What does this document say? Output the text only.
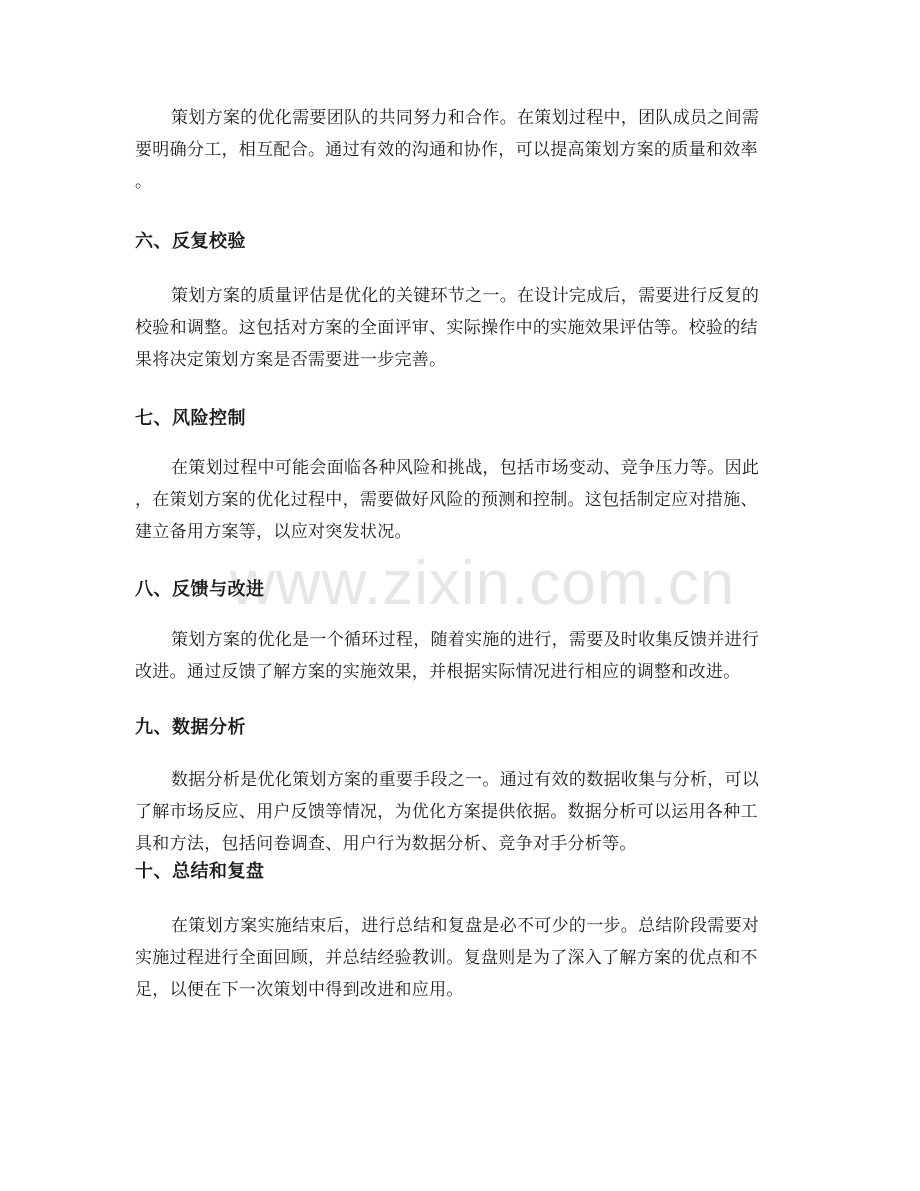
www.zixin.com.cn

策划方案的优化需要团队的共同努力和合作。在策划过程中，团队成员之间需
要明确分工，相互配合。通过有效的沟通和协作，可以提高策划方案的质量和效率
。

六、反复校验

策划方案的质量评估是优化的关键环节之一。在设计完成后，需要进行反复的
校验和调整。这包括对方案的全面评审、实际操作中的实施效果评估等。校验的结
果将决定策划方案是否需要进一步完善。

七、风险控制

在策划过程中可能会面临各种风险和挑战，包括市场变动、竞争压力等。因此
，在策划方案的优化过程中，需要做好风险的预测和控制。这包括制定应对措施、
建立备用方案等，以应对突发状况。

八、反馈与改进

策划方案的优化是一个循环过程，随着实施的进行，需要及时收集反馈并进行
改进。通过反馈了解方案的实施效果，并根据实际情况进行相应的调整和改进。

九、数据分析

数据分析是优化策划方案的重要手段之一。通过有效的数据收集与分析，可以
了解市场反应、用户反馈等情况，为优化方案提供依据。数据分析可以运用各种工
具和方法，包括问卷调查、用户行为数据分析、竞争对手分析等。

十、总结和复盘

在策划方案实施结束后，进行总结和复盘是必不可少的一步。总结阶段需要对
实施过程进行全面回顾，并总结经验教训。复盘则是为了深入了解方案的优点和不
足，以便在下一次策划中得到改进和应用。
